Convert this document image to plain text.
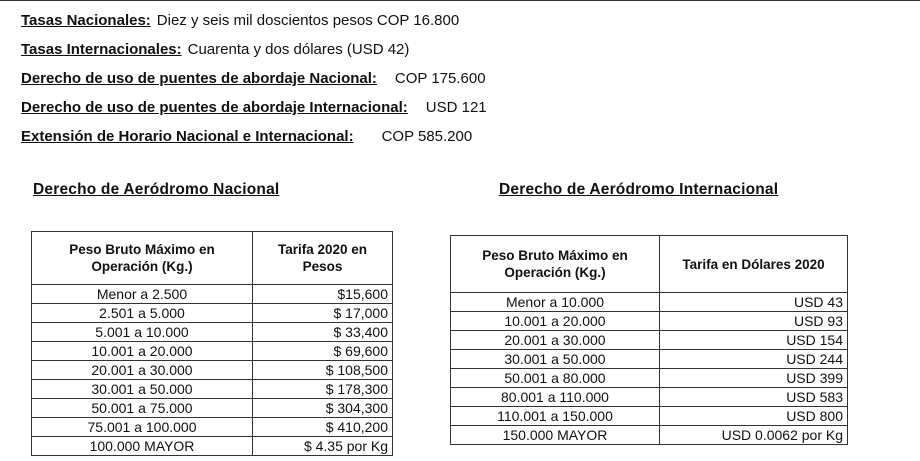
Tasas Nacionales: Diez y seis mil doscientos pesos COP 16.800
Tasas Internacionales: Cuarenta y dos dólares (USD 42)
Derecho de uso de puentes de abordaje Nacional: COP 175.600
Derecho de uso de puentes de abordaje Internacional: USD 121
Extensión de Horario Nacional e Internacional: COP 585.200
Derecho de Aeródromo Nacional	Derecho de Aeródromo Internacional
Peso Bruto Máximo en Operación (Kg.)	Tarifa 2020 en Pesos
Menor a 2.500	$15,600
2.501 a 5.000	$ 17,000
5.001 a 10.000	$ 33,400
10.001 a 20.000	$ 69,600
20.001 a 30.000	$ 108,500
30.001 a 50.000	$ 178,300
50.001 a 75.000	$ 304,300
75.001 a 100.000	$ 410,200
100.000 MAYOR	$ 4.35 por Kg
Peso Bruto Máximo en Operación (Kg.)	Tarifa en Dólares 2020
Menor a 10.000	USD 43
10.001 a 20.000	USD 93
20.001 a 30.000	USD 154
30.001 a 50.000	USD 244
50.001 a 80.000	USD 399
80.001 a 110.000	USD 583
110.001 a 150.000	USD 800
150.000 MAYOR	USD 0.0062 por Kg
